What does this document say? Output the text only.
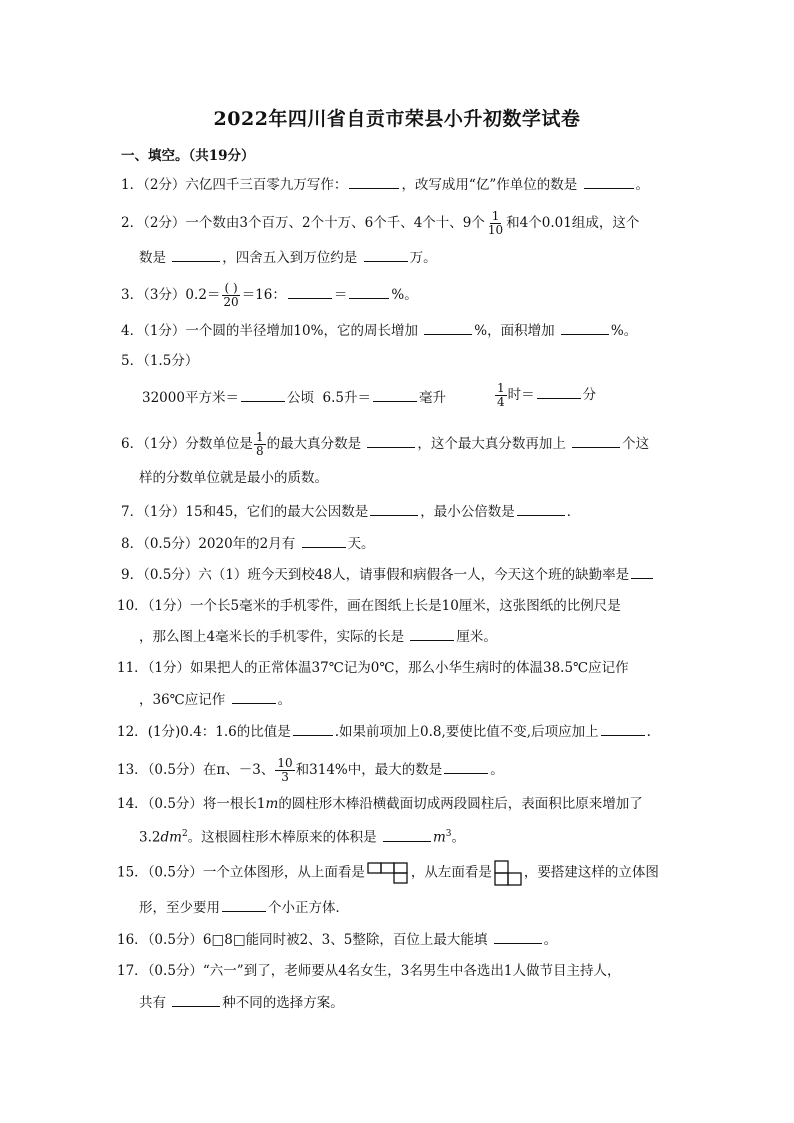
2022年四川省自贡市荣县小升初数学试卷
一、填空。（共19分）
1．（2分）六亿四千三百零九万写作：	，改写成用“亿”作单位的数是	。
2．（2分）一个数由3个百万、2个十万、6个千、4个十、9个 $\frac{1}{10}$ 和4个0.01组成，这个
数是	，四舍五入到万位约是	万。
3．（3分）$0.2= \frac{( )}{20} =16$：	＝	%。
4．（1分）一个圆的半径增加10%，它的周长增加	%，面积增加	%。
5．（1.5分）
32000平方米＝	公顷 6.5升＝	毫升	$\frac{1}{4}$ 时＝	分
6．（1分）分数单位是 $\frac{1}{8}$ 的最大真分数是	，这个最大真分数再加上	个这
样的分数单位就是最小的质数。
7．（1分）15和45，它们的最大公因数是	，最小公倍数是	．
8．（0.5分）2020年的2月有	天。
9．（0.5分）六（1）班今天到校48人，请事假和病假各一人，今天这个班的缺勤率是
10．（1分）一个长5毫米的手机零件，画在图纸上长是10厘米，这张图纸的比例尺是
，那么图上4毫米长的手机零件，实际的长是	厘米。
11．（1分）如果把人的正常体温37℃记为0℃，那么小华生病时的体温38.5℃应记作
，36℃应记作	。
12．(1分)0.4：1.6的比值是	.如果前项加上0.8,要使比值不变,后项应加上	.
13．（0.5分）在π、－3、 $\frac{10}{3}$ 和314%中，最大的数是	。
14．（0.5分）将一根长1m的圆柱形木棒沿横截面切成两段圆柱后，表面积比原来增加了
$3.2dm^2$。这根圆柱形木棒原来的体积是	$m^3$。
15．（0.5分）一个立体图形，从上面看是	，从左面看是 ，要搭建这样的立体图
形，至少要用	个小正方体．
16．（0.5分）6□8□能同时被2、3、5整除，百位上最大能填	。
17．（0.5分）“六一”到了，老师要从4名女生，3名男生中各选出1人做节目主持人，
共有	种不同的选择方案。
